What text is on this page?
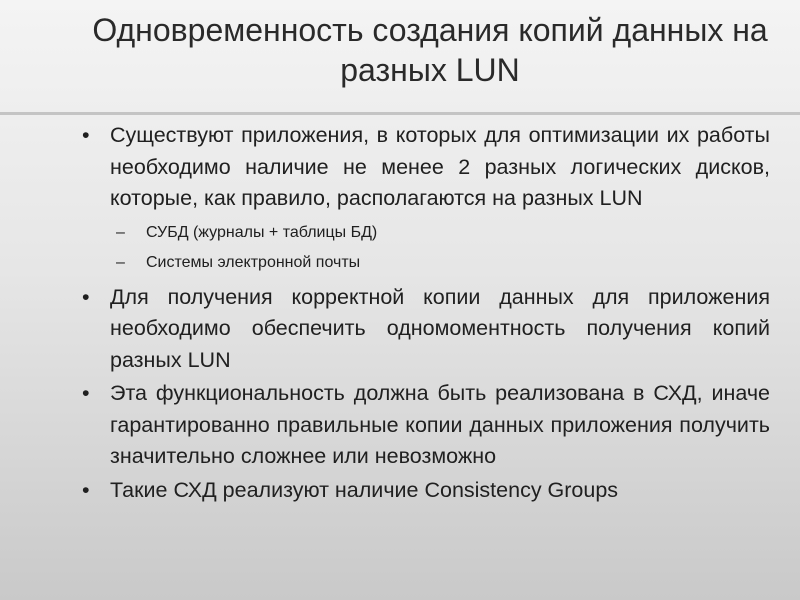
Одновременность создания копий данных на разных LUN
• Существуют приложения, в которых для оптимизации их работы необходимо наличие не менее 2 разных логических дисков, которые, как правило, располагаются на разных LUN
– СУБД (журналы + таблицы БД)
– Системы электронной почты
• Для получения корректной копии данных для приложения необходимо обеспечить одномоментность получения копий разных LUN
• Эта функциональность должна быть реализована в СХД, иначе гарантированно правильные копии данных приложения получить значительно сложнее или невозможно
• Такие СХД реализуют наличие Consistency Groups
